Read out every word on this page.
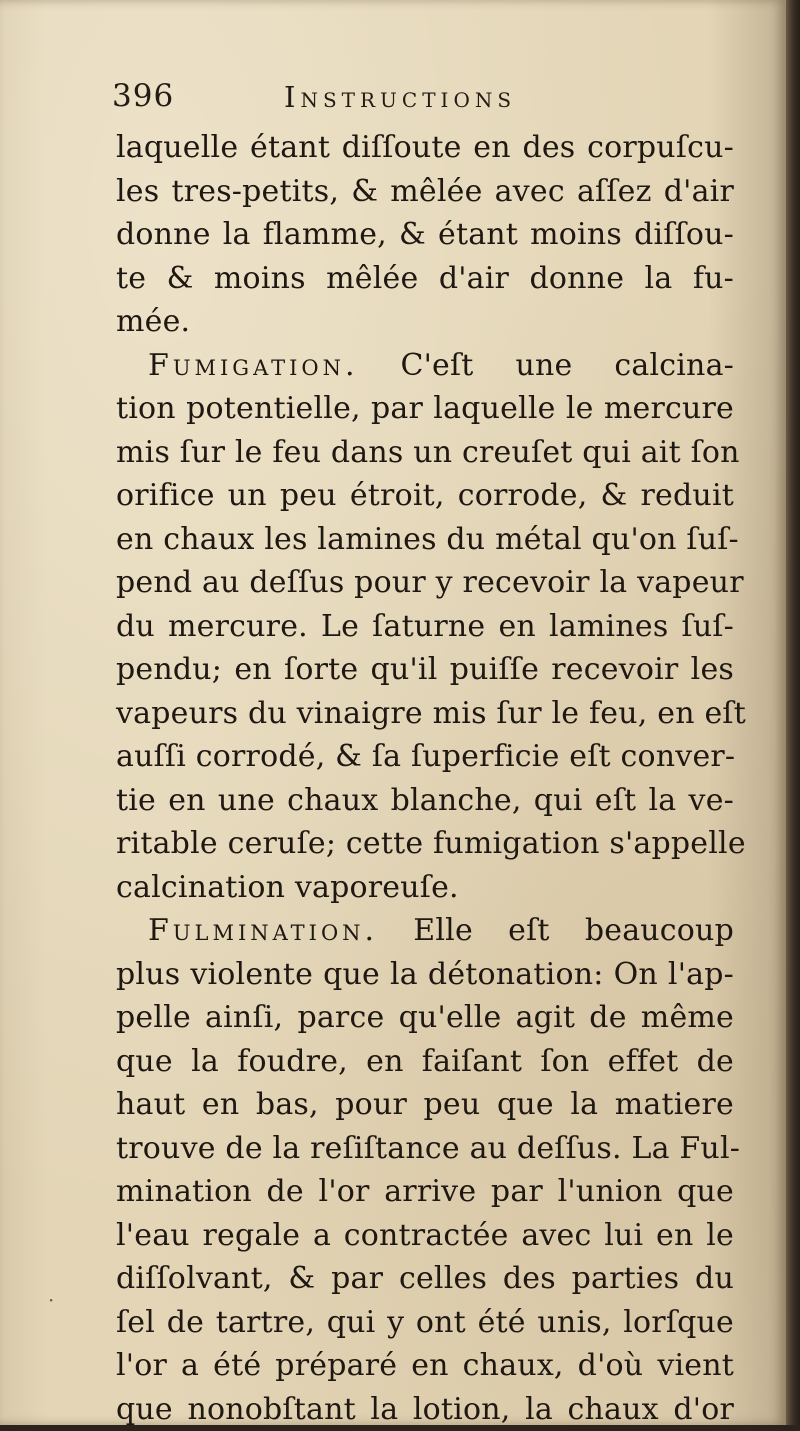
396	Instructions
laquelle étant diſſoute en des corpuſcu-
les tres-petits, & mêlée avec aſſez d'air
donne la flamme, & étant moins diſſou-
te & moins mêlée d'air donne la fu-
mée.
Fumigation. C'eſt une calcina-
tion potentielle, par laquelle le mercure
mis ſur le feu dans un creuſet qui ait ſon
orifice un peu étroit, corrode, & reduit
en chaux les lamines du métal qu'on ſuſ-
pend au deſſus pour y recevoir la vapeur
du mercure. Le ſaturne en lamines ſuſ-
pendu; en ſorte qu'il puiſſe recevoir les
vapeurs du vinaigre mis ſur le feu, en eſt
auſſi corrodé, & ſa ſuperficie eſt conver-
tie en une chaux blanche, qui eſt la ve-
ritable ceruſe; cette fumigation s'appelle
calcination vaporeuſe.
Fulmination. Elle eſt beaucoup
plus violente que la détonation: On l'ap-
pelle ainſi, parce qu'elle agit de même
que la foudre, en faiſant ſon effet de
haut en bas, pour peu que la matiere
trouve de la reſiſtance au deſſus. La Ful-
mination de l'or arrive par l'union que
l'eau regale a contractée avec lui en le
diſſolvant, & par celles des parties du
ſel de tartre, qui y ont été unis, lorſque
l'or a été préparé en chaux, d'où vient
que nonobſtant la lotion, la chaux d'or
·
